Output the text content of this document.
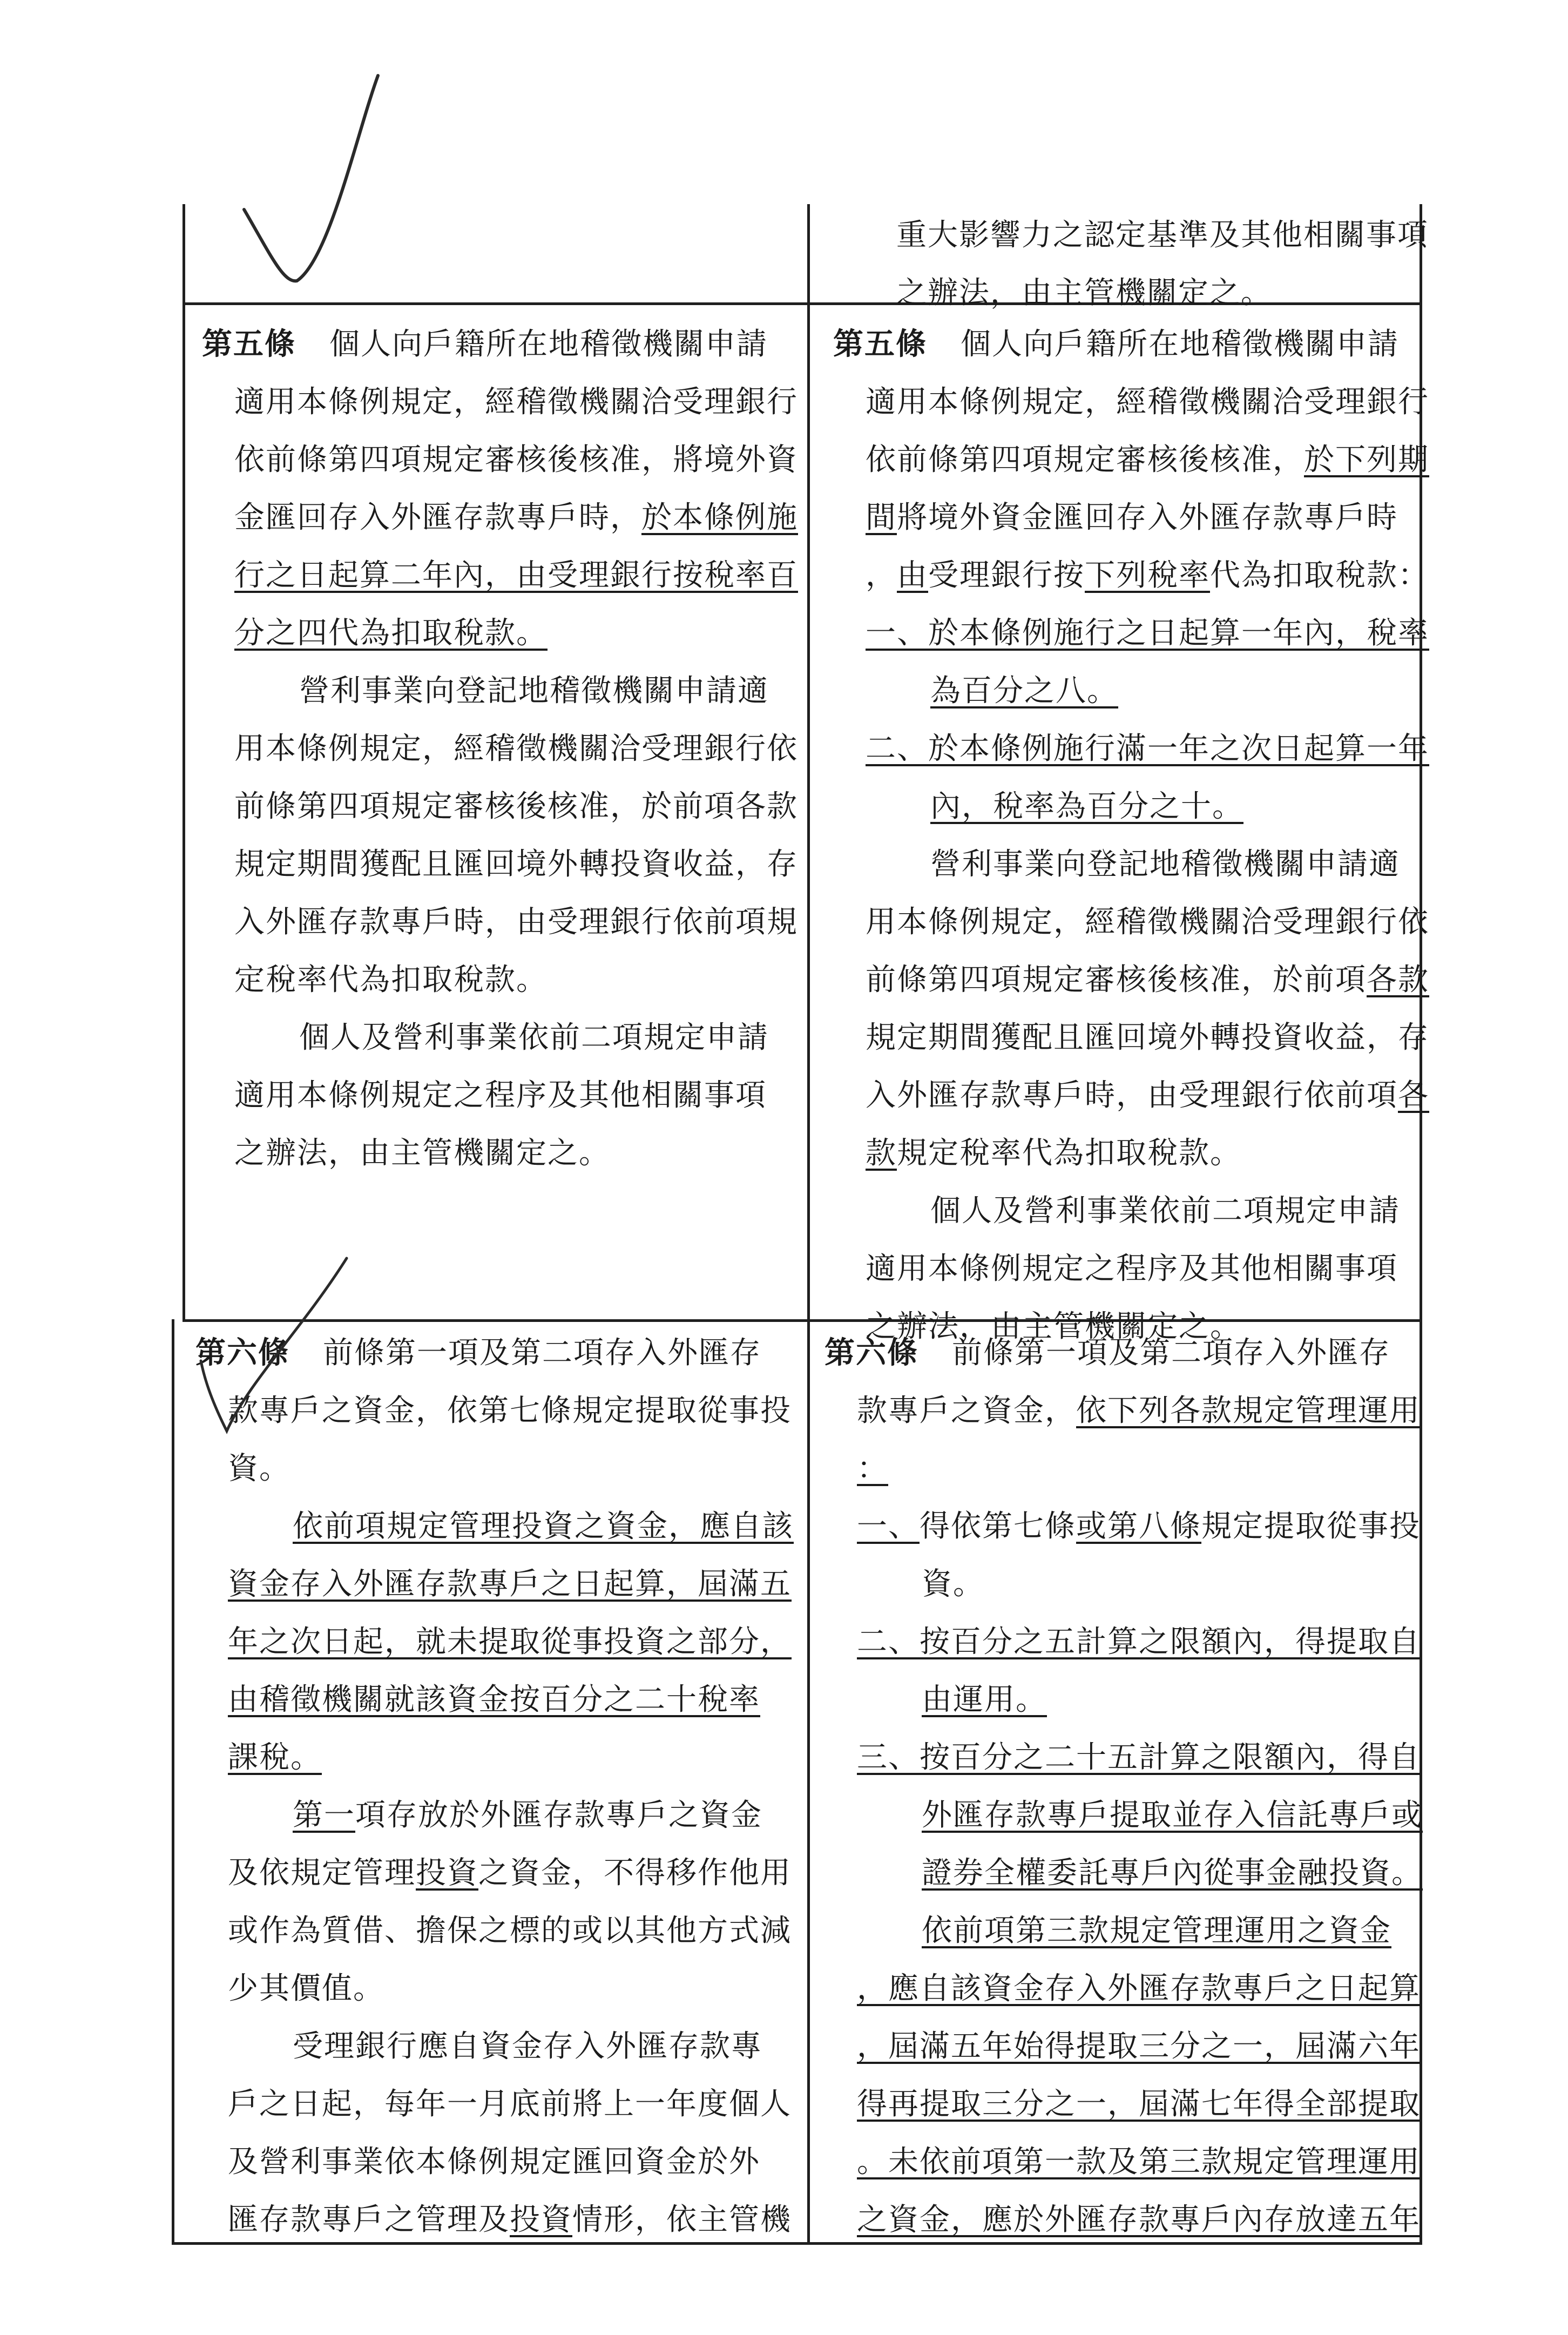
重大影響力之認定基準及其他相關事項
之辦法，由主管機關定之。
第五條 個人向戶籍所在地稽徵機關申請
適用本條例規定，經稽徵機關洽受理銀行
依前條第四項規定審核後核准，將境外資
金匯回存入外匯存款專戶時，於本條例施
行之日起算二年內，由受理銀行按稅率百
分之四代為扣取稅款。
營利事業向登記地稽徵機關申請適
用本條例規定，經稽徵機關洽受理銀行依
前條第四項規定審核後核准，於前項各款
規定期間獲配且匯回境外轉投資收益，存
入外匯存款專戶時，由受理銀行依前項規
定稅率代為扣取稅款。
個人及營利事業依前二項規定申請
適用本條例規定之程序及其他相關事項
之辦法，由主管機關定之。
第五條 個人向戶籍所在地稽徵機關申請
適用本條例規定，經稽徵機關洽受理銀行
依前條第四項規定審核後核准，於下列期
間將境外資金匯回存入外匯存款專戶時
，由受理銀行按下列稅率代為扣取稅款：
一、於本條例施行之日起算一年內，稅率
為百分之八。
二、於本條例施行滿一年之次日起算一年
內，稅率為百分之十。
營利事業向登記地稽徵機關申請適
用本條例規定，經稽徵機關洽受理銀行依
前條第四項規定審核後核准，於前項各款
規定期間獲配且匯回境外轉投資收益，存
入外匯存款專戶時，由受理銀行依前項各
款規定稅率代為扣取稅款。
個人及營利事業依前二項規定申請
適用本條例規定之程序及其他相關事項
之辦法，由主管機關定之。
第六條 前條第一項及第二項存入外匯存
款專戶之資金，依第七條規定提取從事投
資。
依前項規定管理投資之資金，應自該
資金存入外匯存款專戶之日起算，屆滿五
年之次日起，就未提取從事投資之部分，
由稽徵機關就該資金按百分之二十稅率
課稅。
第一項存放於外匯存款專戶之資金
及依規定管理投資之資金，不得移作他用
或作為質借、擔保之標的或以其他方式減
少其價值。
受理銀行應自資金存入外匯存款專
戶之日起，每年一月底前將上一年度個人
及營利事業依本條例規定匯回資金於外
匯存款專戶之管理及投資情形，依主管機
第六條 前條第一項及第二項存入外匯存
款專戶之資金，依下列各款規定管理運用
：
一、得依第七條或第八條規定提取從事投
資。
二、按百分之五計算之限額內，得提取自
由運用。
三、按百分之二十五計算之限額內，得自
外匯存款專戶提取並存入信託專戶或
證券全權委託專戶內從事金融投資。
依前項第三款規定管理運用之資金
，應自該資金存入外匯存款專戶之日起算
，屆滿五年始得提取三分之一，屆滿六年
得再提取三分之一，屆滿七年得全部提取
。未依前項第一款及第三款規定管理運用
之資金，應於外匯存款專戶內存放達五年
